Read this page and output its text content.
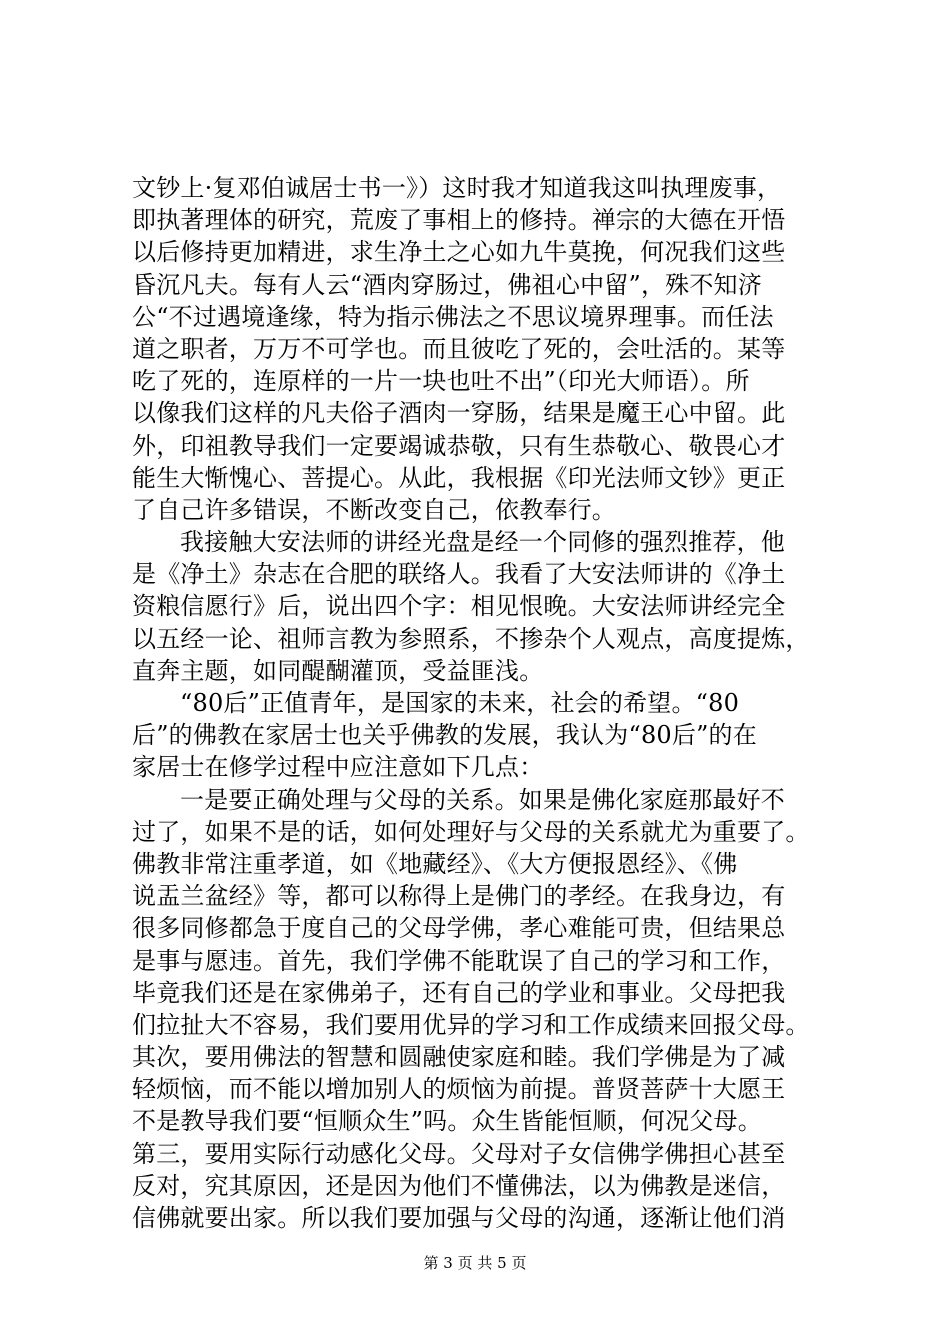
文钞上·复邓伯诚居士书一》）这时我才知道我这叫执理废事，
即执著理体的研究，荒废了事相上的修持。禅宗的大德在开悟
以后修持更加精进，求生净土之心如九牛莫挽，何况我们这些
昏沉凡夫。每有人云“酒肉穿肠过，佛祖心中留”，殊不知济
公“不过遇境逢缘，特为指示佛法之不思议境界理事。而任法
道之职者，万万不可学也。而且彼吃了死的，会吐活的。某等
吃了死的，连原样的一片一块也吐不出”（印光大师语）。所
以像我们这样的凡夫俗子酒肉一穿肠，结果是魔王心中留。此
外，印祖教导我们一定要竭诚恭敬，只有生恭敬心、敬畏心才
能生大惭愧心、菩提心。从此，我根据《印光法师文钞》更正
了自己许多错误，不断改变自己，依教奉行。
我接触大安法师的讲经光盘是经一个同修的强烈推荐，他
是《净土》杂志在合肥的联络人。我看了大安法师讲的《净土
资粮信愿行》后，说出四个字：相见恨晚。大安法师讲经完全
以五经一论、祖师言教为参照系，不掺杂个人观点，高度提炼，
直奔主题，如同醍醐灌顶，受益匪浅。
“80后”正值青年，是国家的未来，社会的希望。“80
后”的佛教在家居士也关乎佛教的发展，我认为“80后”的在
家居士在修学过程中应注意如下几点：
一是要正确处理与父母的关系。如果是佛化家庭那最好不
过了，如果不是的话，如何处理好与父母的关系就尤为重要了。
佛教非常注重孝道，如《地藏经》、《大方便报恩经》、《佛
说盂兰盆经》等，都可以称得上是佛门的孝经。在我身边，有
很多同修都急于度自己的父母学佛，孝心难能可贵，但结果总
是事与愿违。首先，我们学佛不能耽误了自己的学习和工作，
毕竟我们还是在家佛弟子，还有自己的学业和事业。父母把我
们拉扯大不容易，我们要用优异的学习和工作成绩来回报父母。
其次，要用佛法的智慧和圆融使家庭和睦。我们学佛是为了减
轻烦恼，而不能以增加别人的烦恼为前提。普贤菩萨十大愿王
不是教导我们要“恒顺众生”吗。众生皆能恒顺，何况父母。
第三，要用实际行动感化父母。父母对子女信佛学佛担心甚至
反对，究其原因，还是因为他们不懂佛法，以为佛教是迷信，
信佛就要出家。所以我们要加强与父母的沟通，逐渐让他们消
第 3 页 共 5 页
